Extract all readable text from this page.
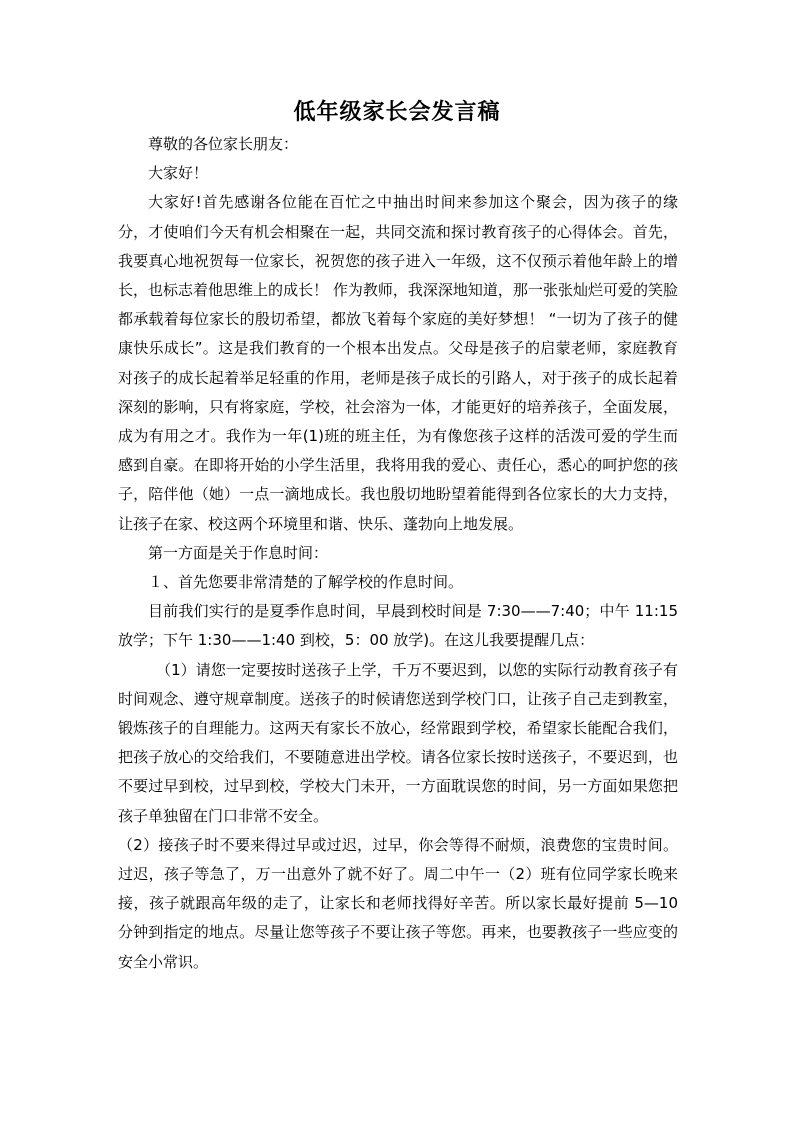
低年级家长会发言稿

尊敬的各位家长朋友：

大家好！

大家好!首先感谢各位能在百忙之中抽出时间来参加这个聚会，因为孩子的缘分，才使咱们今天有机会相聚在一起，共同交流和探讨教育孩子的心得体会。首先，我要真心地祝贺每一位家长，祝贺您的孩子进入一年级，这不仅预示着他年龄上的增长，也标志着他思维上的成长！ 作为教师，我深深地知道，那一张张灿烂可爱的笑脸都承载着每位家长的殷切希望，都放飞着每个家庭的美好梦想！ “一切为了孩子的健康快乐成长”。这是我们教育的一个根本出发点。父母是孩子的启蒙老师，家庭教育对孩子的成长起着举足轻重的作用，老师是孩子成长的引路人，对于孩子的成长起着深刻的影响，只有将家庭，学校，社会溶为一体，才能更好的培养孩子，全面发展，成为有用之才。我作为一年(1)班的班主任，为有像您孩子这样的活泼可爱的学生而感到自豪。在即将开始的小学生活里，我将用我的爱心、责任心，悉心的呵护您的孩子，陪伴他（她）一点一滴地成长。我也殷切地盼望着能得到各位家长的大力支持，让孩子在家、校这两个环境里和谐、快乐、蓬勃向上地发展。

第一方面是关于作息时间：

１、首先您要非常清楚的了解学校的作息时间。

目前我们实行的是夏季作息时间，早晨到校时间是 7:30——7:40；中午 11:15 放学；下午 1:30——1:40 到校，5：00 放学)。在这儿我要提醒几点：

（1）请您一定要按时送孩子上学，千万不要迟到，以您的实际行动教育孩子有时间观念、遵守规章制度。送孩子的时候请您送到学校门口，让孩子自己走到教室，锻炼孩子的自理能力。这两天有家长不放心，经常跟到学校，希望家长能配合我们，把孩子放心的交给我们，不要随意进出学校。请各位家长按时送孩子，不要迟到，也不要过早到校，过早到校，学校大门未开，一方面耽误您的时间，另一方面如果您把孩子单独留在门口非常不安全。

（2）接孩子时不要来得过早或过迟，过早，你会等得不耐烦，浪费您的宝贵时间。过迟，孩子等急了，万一出意外了就不好了。周二中午一（2）班有位同学家长晚来接，孩子就跟高年级的走了，让家长和老师找得好辛苦。所以家长最好提前 5—10 分钟到指定的地点。尽量让您等孩子不要让孩子等您。再来，也要教孩子一些应变的安全小常识。
